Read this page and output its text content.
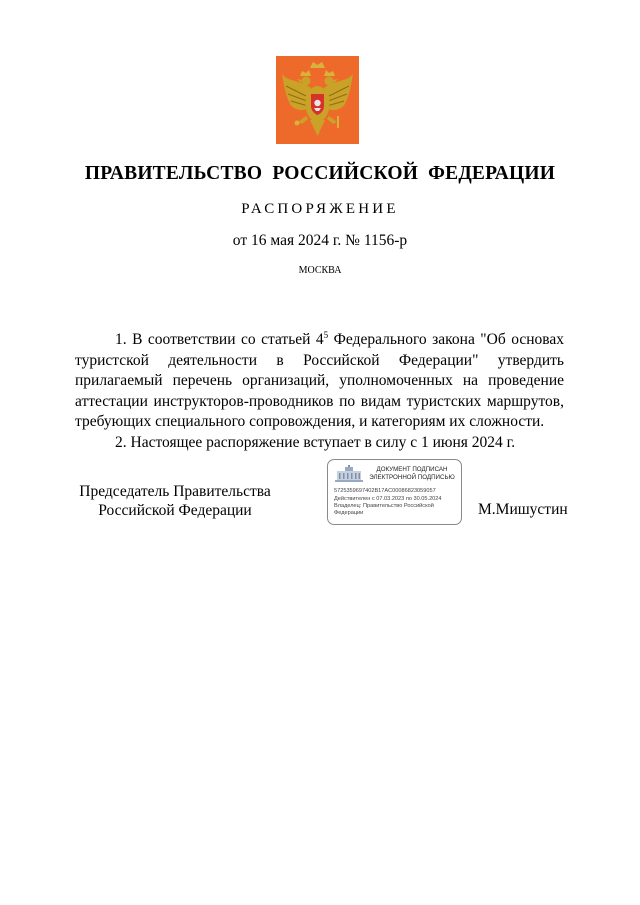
ПРАВИТЕЛЬСТВО РОССИЙСКОЙ ФЕДЕРАЦИИ
РАСПОРЯЖЕНИЕ
от 16 мая 2024 г. № 1156-р
МОСКВА

1. В соответствии со статьей $4^5$ Федерального закона "Об основах туристской деятельности в Российской Федерации" утвердить прилагаемый перечень организаций, уполномоченных на проведение аттестации инструкторов-проводников по видам туристских маршрутов, требующих специального сопровождения, и категориям их сложности.

2. Настоящее распоряжение вступает в силу с 1 июня 2024 г.

Председатель Правительства
Российской Федерации
ДОКУМЕНТ ПОДПИСАН
ЭЛЕКТРОННОЙ ПОДПИСЬЮ
5725359697402B17AC00086823059057
Действителен с 07.03.2023 по 30.05.2024
Владелец: Правительство Российской Федерации	М.Мишустин
